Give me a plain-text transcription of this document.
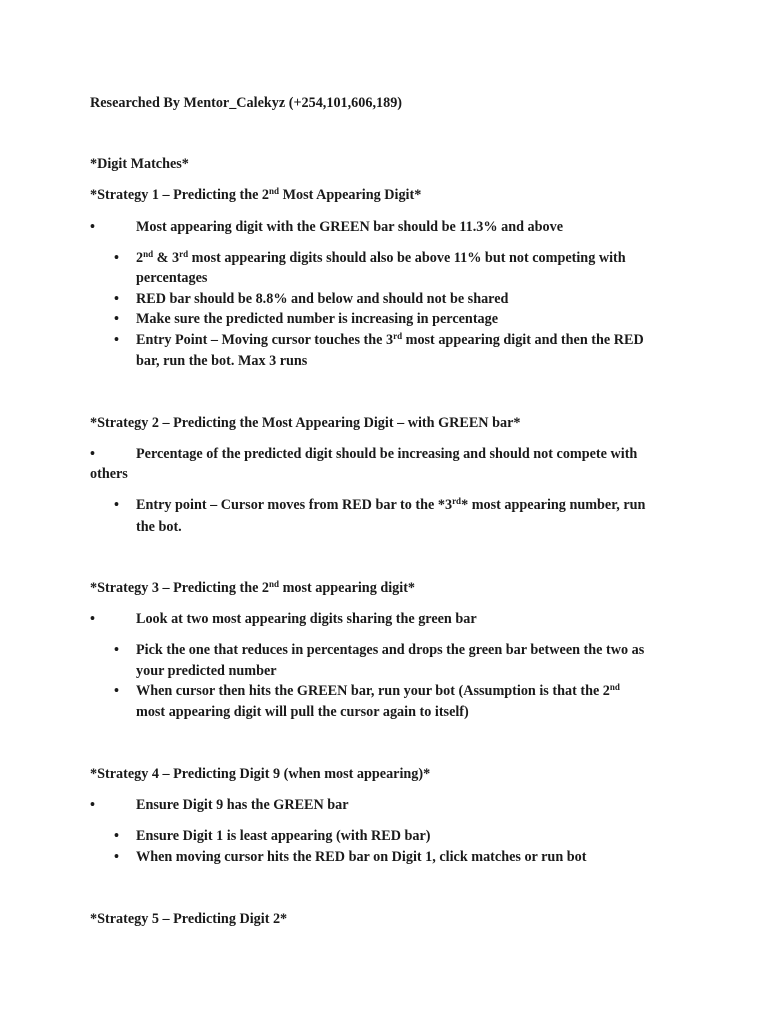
Researched By Mentor_Calekyz (+254,101,606,189)
*Digit Matches*
*Strategy 1 – Predicting the 2nd Most Appearing Digit*
•	Most appearing digit with the GREEN bar should be 11.3% and above
• 2nd & 3rd most appearing digits should also be above 11% but not competing with
percentages
• RED bar should be 8.8% and below and should not be shared
• Make sure the predicted number is increasing in percentage
• Entry Point – Moving cursor touches the 3rd most appearing digit and then the RED
bar, run the bot. Max 3 runs
*Strategy 2 – Predicting the Most Appearing Digit – with GREEN bar*
•	Percentage of the predicted digit should be increasing and should not compete with
others
• Entry point – Cursor moves from RED bar to the *3rd* most appearing number, run
the bot.
*Strategy 3 – Predicting the 2nd most appearing digit*
•	Look at two most appearing digits sharing the green bar
• Pick the one that reduces in percentages and drops the green bar between the two as
your predicted number
• When cursor then hits the GREEN bar, run your bot (Assumption is that the 2nd
most appearing digit will pull the cursor again to itself)
*Strategy 4 – Predicting Digit 9 (when most appearing)*
•	Ensure Digit 9 has the GREEN bar
• Ensure Digit 1 is least appearing (with RED bar)
• When moving cursor hits the RED bar on Digit 1, click matches or run bot
*Strategy 5 – Predicting Digit 2*
